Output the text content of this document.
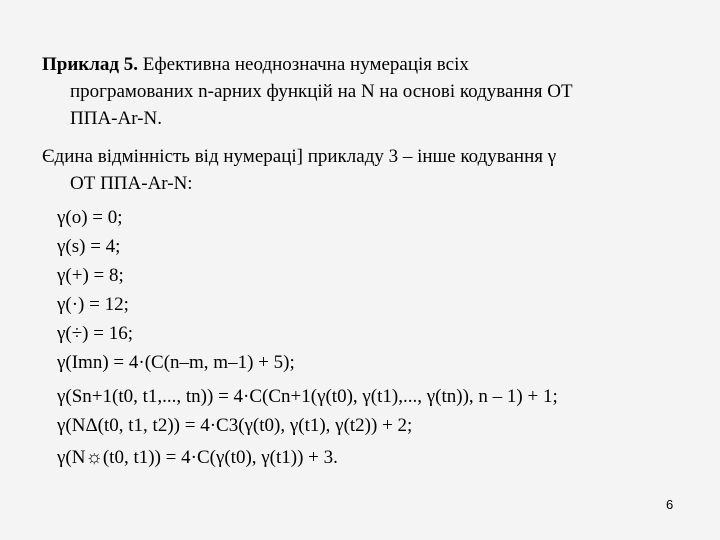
Приклад 5. Ефективна неоднозначна нумерація всіх
програмованих n-арних функцій на N на основі кодування ОТ
ППА-Ar-N.
Єдина відмінність від нумераці] прикладу 3 – інше кодування γ
ОТ ППА-Ar-N:
γ(o) = 0;
γ(s) = 4;
γ(+) = 8;
γ(·) = 12;
γ(÷) = 16;
γ(Imn) = 4·(C(n–m, m–1) + 5);
γ(Sn+1(t0, t1,..., tn)) = 4·C(Cn+1(γ(t0), γ(t1),..., γ(tn)), n – 1) + 1;
γ(NΔ(t0, t1, t2)) = 4·C3(γ(t0), γ(t1), γ(t2)) + 2;
γ(N☼(t0, t1)) = 4·C(γ(t0), γ(t1)) + 3.
6
